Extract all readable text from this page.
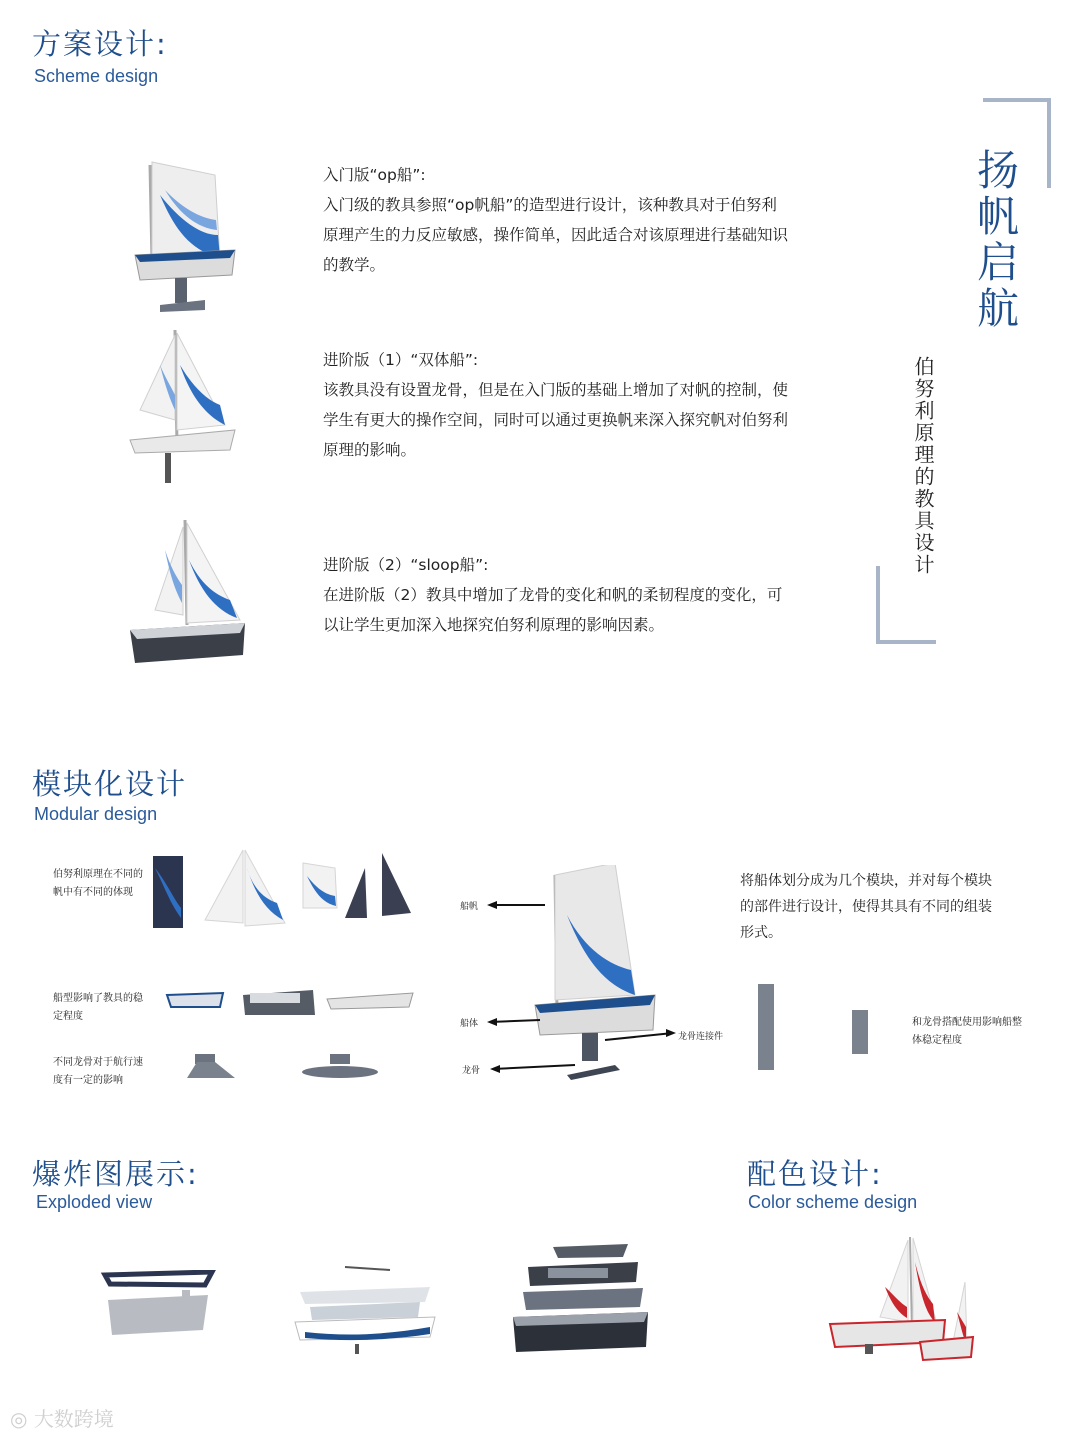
方案设计:
Scheme design
入门版“op船”:
入门级的教具参照“op帆船”的造型进行设计，该种教具对于伯努利
原理产生的力反应敏感，操作简单，因此适合对该原理进行基础知识
的教学。
进阶版（1）“双体船”:
该教具没有设置龙骨，但是在入门版的基础上增加了对帆的控制，使
学生有更大的操作空间，同时可以通过更换帆来深入探究帆对伯努利
原理的影响。
进阶版（2）“sloop船”:
在进阶版（2）教具中增加了龙骨的变化和帆的柔韧程度的变化，可
以让学生更加深入地探究伯努利原理的影响因素。
扬帆启航
伯努利原理的教具设计
模块化设计
Modular design
伯努利原理在不同的帆中有不同的体现
船型影响了教具的稳定程度
不同龙骨对于航行速度有一定的影响
船帆
船体
龙骨
龙骨连接件
将船体划分成为几个模块，并对每个模块
的部件进行设计，使得其具有不同的组装
形式。
和龙骨搭配使用影响船整体稳定程度
爆炸图展示:
Exploded view
配色设计:
Color scheme design
◎ 大数跨境
